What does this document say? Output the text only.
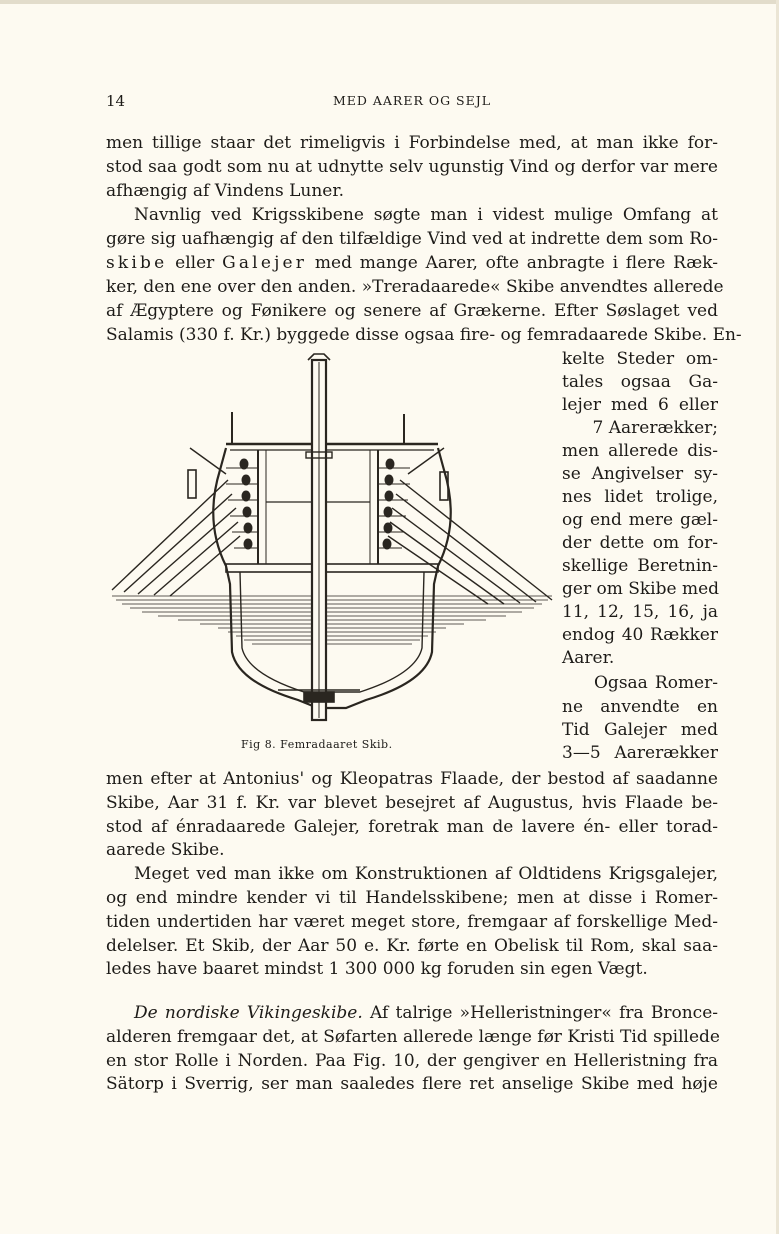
14	MED AARER OG SEJL
men tillige staar det rimeligvis i Forbindelse med, at man ikke for-
stod saa godt som nu at udnytte selv ugunstig Vind og derfor var mere
afhængig af Vindens Luner.
Navnlig ved Krigsskibene søgte man i videst mulige Omfang at
gøre sig uafhængig af den tilfældige Vind ved at indrette dem som Ro-
skibe eller Galejer med mange Aarer, ofte anbragte i flere Ræk-
ker, den ene over den anden. »Treradaarede« Skibe anvendtes allerede
af Ægyptere og Fønikere og senere af Grækerne. Efter Søslaget ved
Salamis (330 f. Kr.) byggede disse ogsaa fire- og femradaarede Skibe. En-
kelte Steder om-
tales ogsaa Ga-
lejer med 6 eller
7 Aarerækker;
men allerede dis-
se Angivelser sy-
nes lidet trolige,
og end mere gæl-
der dette om for-
skellige Beretnin-
ger om Skibe med
11, 12, 15, 16, ja
endog 40 Rækker
Aarer.
Ogsaa Romer-
ne anvendte en
Tid Galejer med
3—5 Aarerækker
Fig 8. Femradaaret Skib.
men efter at Antonius' og Kleopatras Flaade, der bestod af saadanne
Skibe, Aar 31 f. Kr. var blevet besejret af Augustus, hvis Flaade be-
stod af énradaarede Galejer, foretrak man de lavere én- eller torad-
aarede Skibe.
Meget ved man ikke om Konstruktionen af Oldtidens Krigsgalejer,
og end mindre kender vi til Handelsskibene; men at disse i Romer-
tiden undertiden har været meget store, fremgaar af forskellige Med-
delelser. Et Skib, der Aar 50 e. Kr. førte en Obelisk til Rom, skal saa-
ledes have baaret mindst 1 300 000 kg foruden sin egen Vægt.
De nordiske Vikingeskibe. Af talrige »Helleristninger« fra Bronce-
alderen fremgaar det, at Søfarten allerede længe før Kristi Tid spillede
en stor Rolle i Norden. Paa Fig. 10, der gengiver en Helleristning fra
Sätorp i Sverrig, ser man saaledes flere ret anselige Skibe med høje
